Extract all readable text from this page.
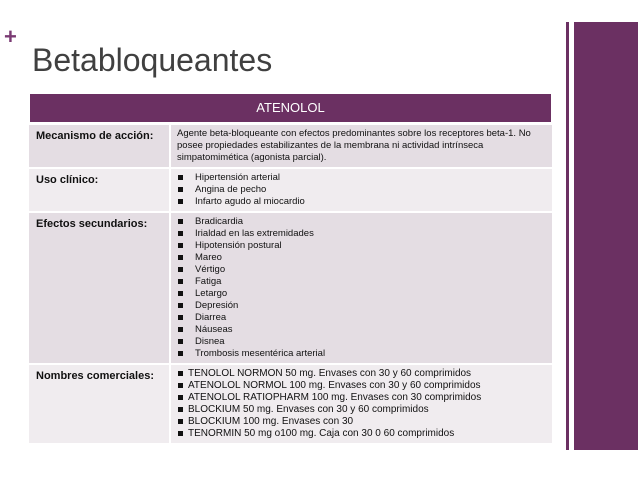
+
Betabloqueantes
ATENOLOL
Mecanismo de acción:	Agente beta-bloqueante con efectos predominantes sobre los receptores beta-1. No posee propiedades estabilizantes de la membrana ni actividad intrínseca simpatomimética (agonista parcial).

Uso clínico:	Hipertensión arterial
Angina de pecho
Infarto agudo al miocardio
Efectos secundarios:	Bradicardia
Irialdad en las extremidades
Hipotensión postural
Mareo
Vértigo
Fatiga
Letargo
Depresión
Diarrea
Náuseas
Disnea
Trombosis mesentérica arterial
Nombres comerciales:	TENOLOL NORMON 50 mg. Envases con 30 y 60 comprimidos
ATENOLOL NORMOL 100 mg. Envases con 30 y 60 comprimidos
ATENOLOL RATIOPHARM 100 mg. Envases con 30 comprimidos
BLOCKIUM 50 mg. Envases con 30 y 60 comprimidos
BLOCKIUM 100 mg. Envases con 30
TENORMIN 50 mg o100 mg. Caja con 30 0 60 comprimidos
